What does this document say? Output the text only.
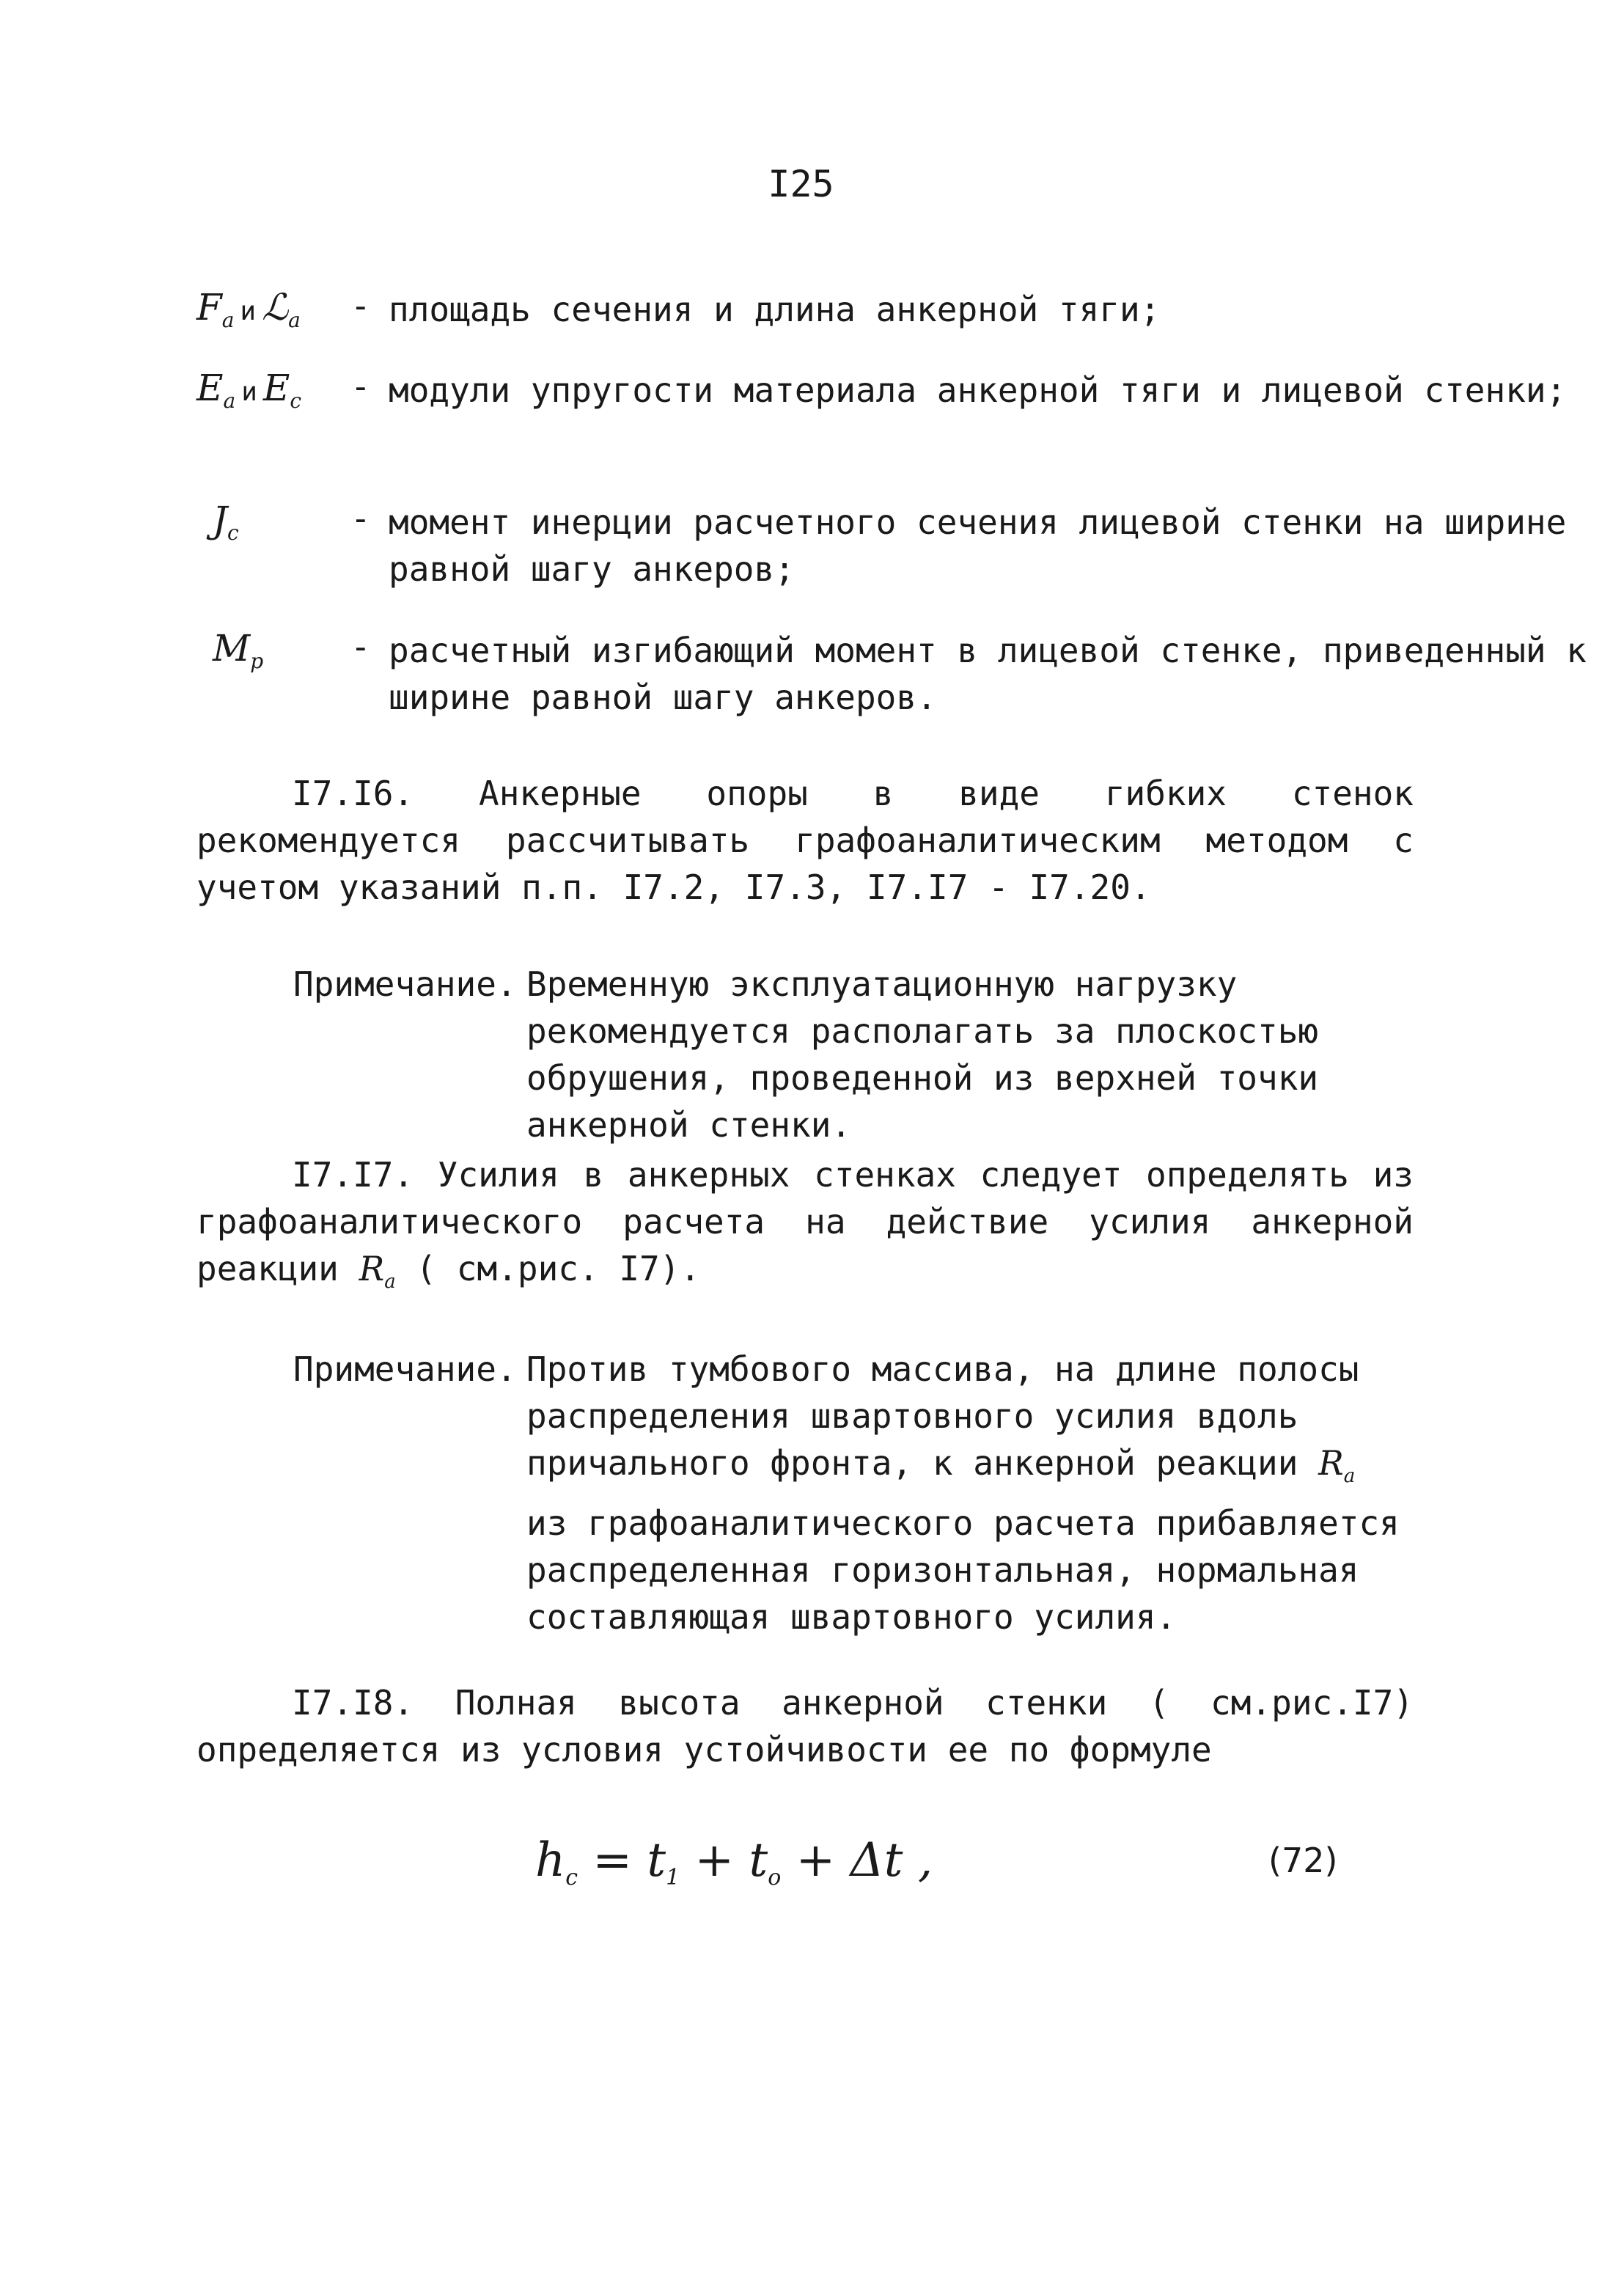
I25
$F_a$ и ℒ$_a$	- площадь сечения и длина анкерной тяги;
$E_a$ и $E_c$	- модули упругости материала анкерной тяги и лицевой стенки;
$J_c$	- момент инерции расчетного сечения лицевой стенки на ширине равной шагу анкеров;
$M_p$	- расчетный изгибающий момент в лицевой стенке, приведенный к ширине равной шагу анкеров.
I7.I6. Анкерные опоры в виде гибких стенок рекомендуется рассчитывать графоаналитическим методом с учетом указаний п.п. I7.2, I7.3, I7.I7 - I7.20.
Примечание. Временную эксплуатационную нагрузку рекомендуется располагать за плоскостью обрушения, проведенной из верхней точки анкерной стенки.
I7.I7. Усилия в анкерных стенках следует определять из графоаналитического расчета на действие усилия анкерной реакции $R_a$ ( см.рис. I7).
Примечание. Против тумбового массива, на длине полосы распределения швартовного усилия вдоль причального фронта, к анкерной реакции $R_a$ из графоаналитического расчета прибавляется распределенная горизонтальная, нормальная составляющая швартовного усилия.
I7.I8. Полная высота анкерной стенки ( см.рис.I7) определяется из условия устойчивости ее по формуле
$h_c = t_1 + t_o + \Delta t$ ,	(72)
